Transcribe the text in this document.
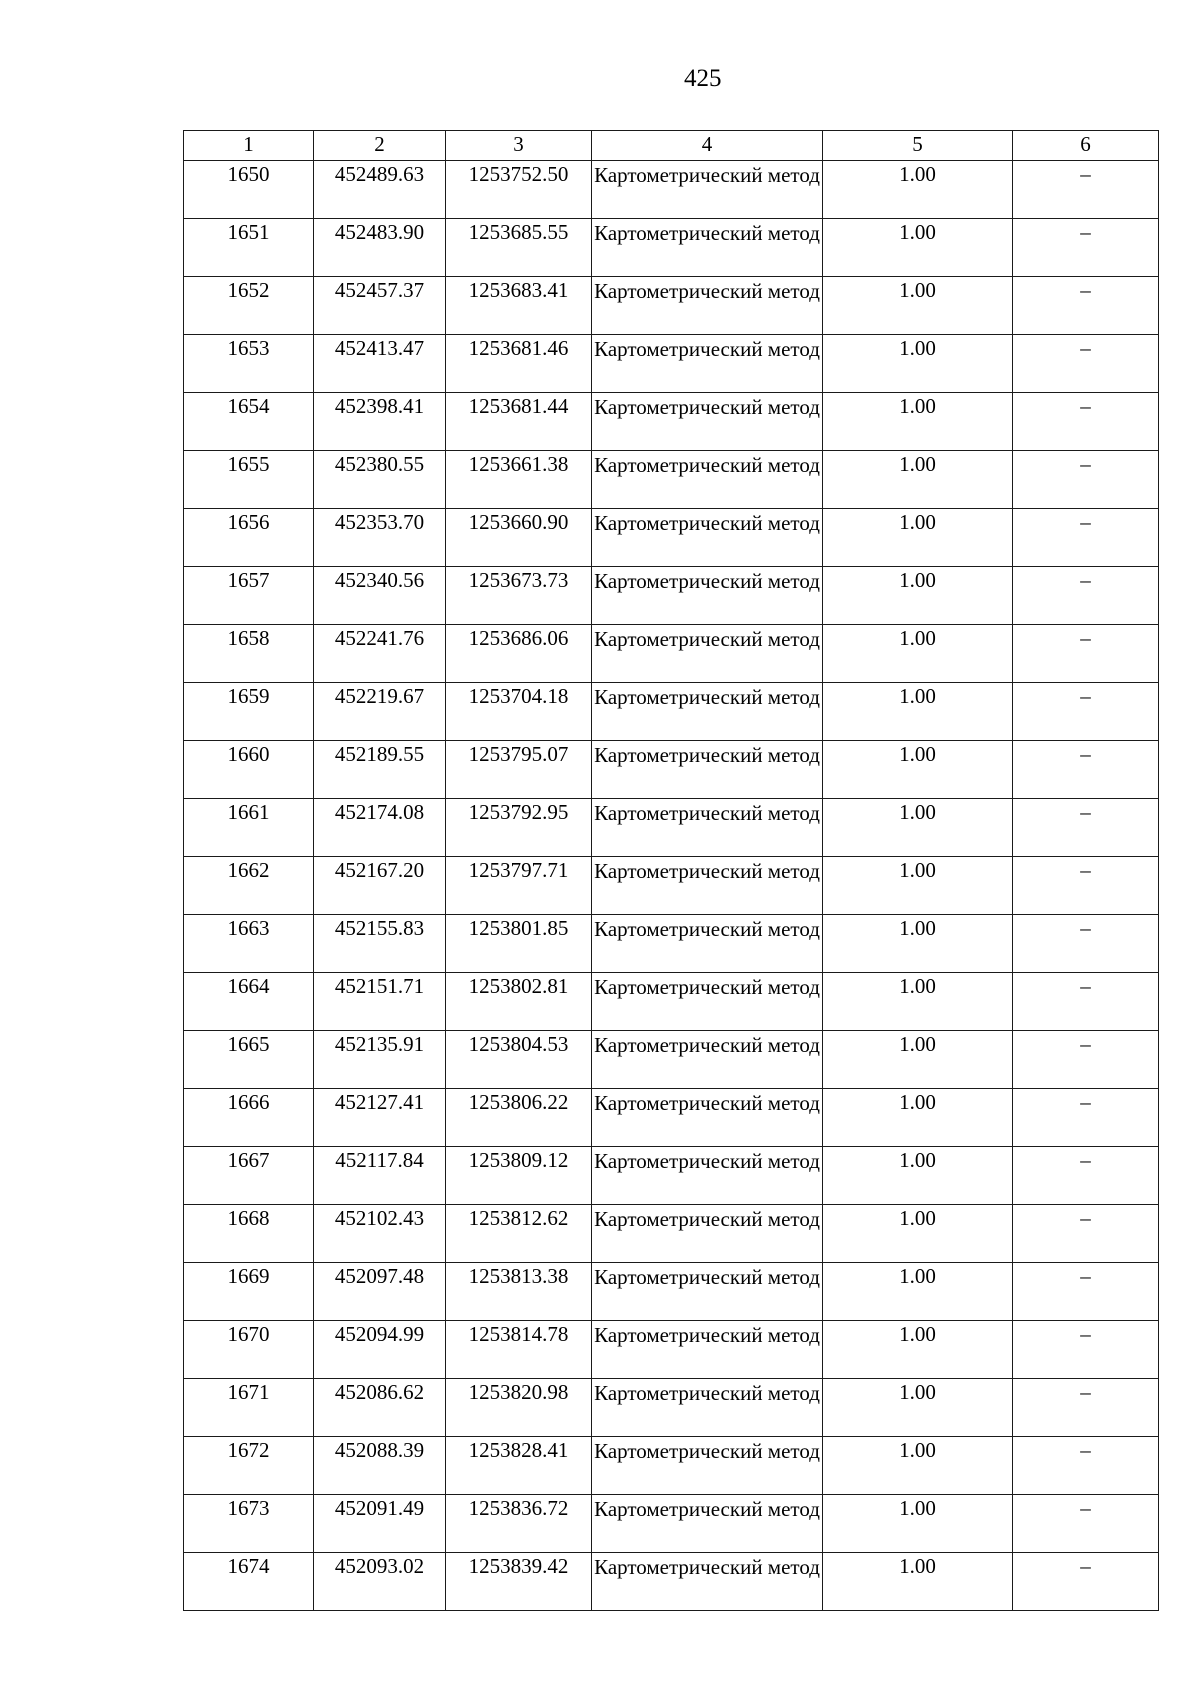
425
1	2	3	4	5	6
1650	452489.63	1253752.50	Картометрический метод	1.00	–
1651	452483.90	1253685.55	Картометрический метод	1.00	–
1652	452457.37	1253683.41	Картометрический метод	1.00	–
1653	452413.47	1253681.46	Картометрический метод	1.00	–
1654	452398.41	1253681.44	Картометрический метод	1.00	–
1655	452380.55	1253661.38	Картометрический метод	1.00	–
1656	452353.70	1253660.90	Картометрический метод	1.00	–
1657	452340.56	1253673.73	Картометрический метод	1.00	–
1658	452241.76	1253686.06	Картометрический метод	1.00	–
1659	452219.67	1253704.18	Картометрический метод	1.00	–
1660	452189.55	1253795.07	Картометрический метод	1.00	–
1661	452174.08	1253792.95	Картометрический метод	1.00	–
1662	452167.20	1253797.71	Картометрический метод	1.00	–
1663	452155.83	1253801.85	Картометрический метод	1.00	–
1664	452151.71	1253802.81	Картометрический метод	1.00	–
1665	452135.91	1253804.53	Картометрический метод	1.00	–
1666	452127.41	1253806.22	Картометрический метод	1.00	–
1667	452117.84	1253809.12	Картометрический метод	1.00	–
1668	452102.43	1253812.62	Картометрический метод	1.00	–
1669	452097.48	1253813.38	Картометрический метод	1.00	–
1670	452094.99	1253814.78	Картометрический метод	1.00	–
1671	452086.62	1253820.98	Картометрический метод	1.00	–
1672	452088.39	1253828.41	Картометрический метод	1.00	–
1673	452091.49	1253836.72	Картометрический метод	1.00	–
1674	452093.02	1253839.42	Картометрический метод	1.00	–
